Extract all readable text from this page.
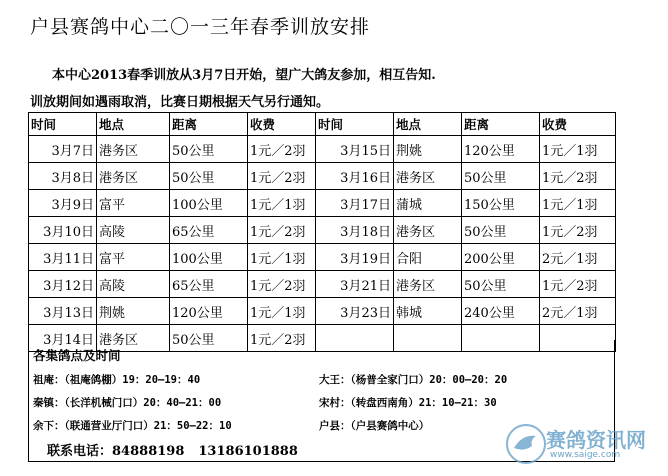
户县赛鸽中心二〇一三年春季训放安排
本中心2013春季训放从3月7日开始，望广大鸽友参加，相互告知.
训放期间如遇雨取消，比赛日期根据天气另行通知。
时间	地点	距离	收费	时间	地点	距离	收费
3月7日	港务区	50公里	1元／2羽	3月15日	荆姚	120公里	1元／1羽
3月8日	港务区	50公里	1元／2羽	3月16日	港务区	50公里	1元／2羽
3月9日	富平	100公里	1元／1羽	3月17日	蒲城	150公里	1元／1羽
3月10日	高陵	65公里	1元／2羽	3月18日	港务区	50公里	1元／2羽
3月11日	富平	100公里	1元／1羽	3月19日	合阳	200公里	2元／1羽
3月12日	高陵	65公里	1元／2羽	3月21日	港务区	50公里	1元／2羽
3月13日	荆姚	120公里	1元／1羽	3月23日	韩城	240公里	2元／1羽
3月14日	港务区	50公里	1元／2羽				
各集鸽点及时间
祖庵：（祖庵鸽棚）19：20—19：40	大王：（杨普全家门口）20：00—20：20
秦镇：（长洋机械门口）20：40—21：00	宋村：（转盘西南角）21：10—21：30
余下：（联通营业厅门口）21：50—22：10	户县：（户县赛鸽中心）
联系电话：84888198 13186101888	赛鸽资讯网
www.saige.com
